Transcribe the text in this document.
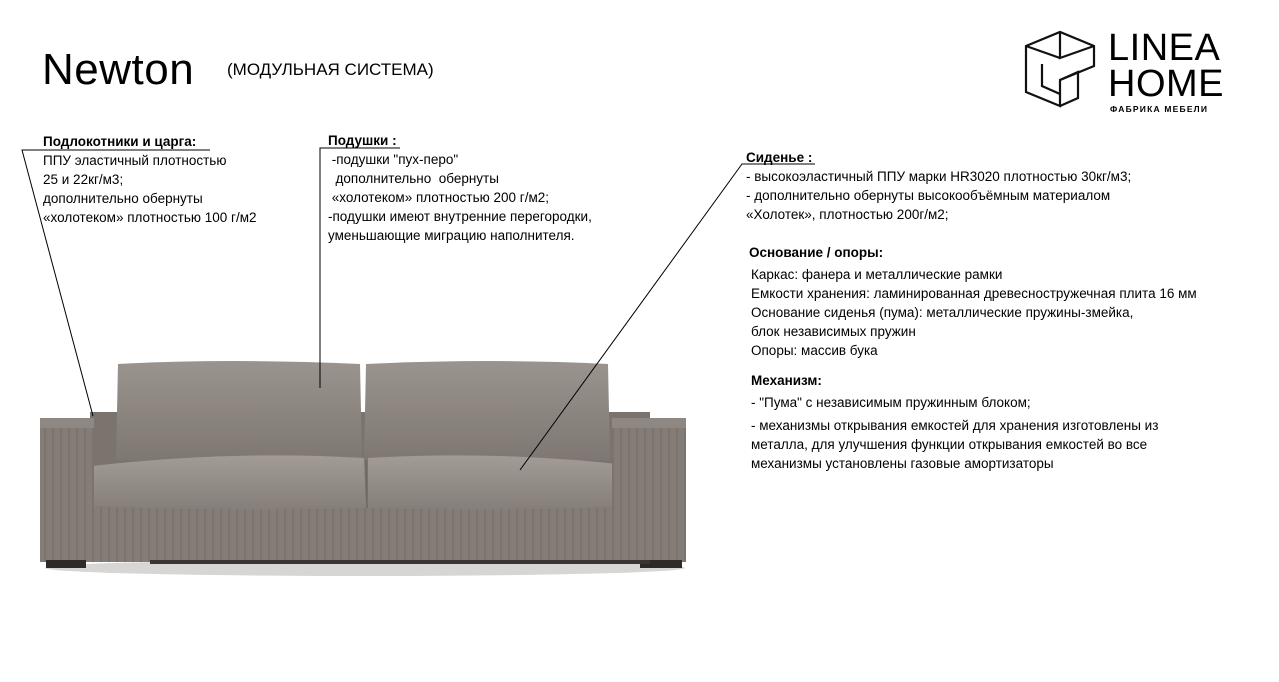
Newton (МОДУЛЬНАЯ СИСТЕМА)
LINEA
HOME
ФАБРИКА МЕБЕЛИ
Подлокотники и царга:
ППУ эластичный плотностью
25 и 22кг/м3;
дополнительно обернуты
«холотеком» плотностью 100 г/м2
Подушки :
-подушки "пух-перо"
дополнительно  обернуты
«холотеком» плотностью 200 г/м2;
-подушки имеют внутренние перегородки,
уменьшающие миграцию наполнителя.
Сиденье :
- высокоэластичный ППУ марки HR3020 плотностью 30кг/м3;
- дополнительно обернуты высокообъёмным материалом
«Холотек», плотностью 200г/м2;
Основание / опоры:
Каркас: фанера и металлические рамки
Емкости хранения: ламинированная древесностружечная плита 16 мм
Основание сиденья (пума): металлические пружины-змейка,
блок независимых пружин
Опоры: массив бука
Механизм:
- "Пума" с независимым пружинным блоком;
- механизмы открывания емкостей для хранения изготовлены из
металла, для улучшения функции открывания емкостей во все
механизмы установлены газовые амортизаторы
